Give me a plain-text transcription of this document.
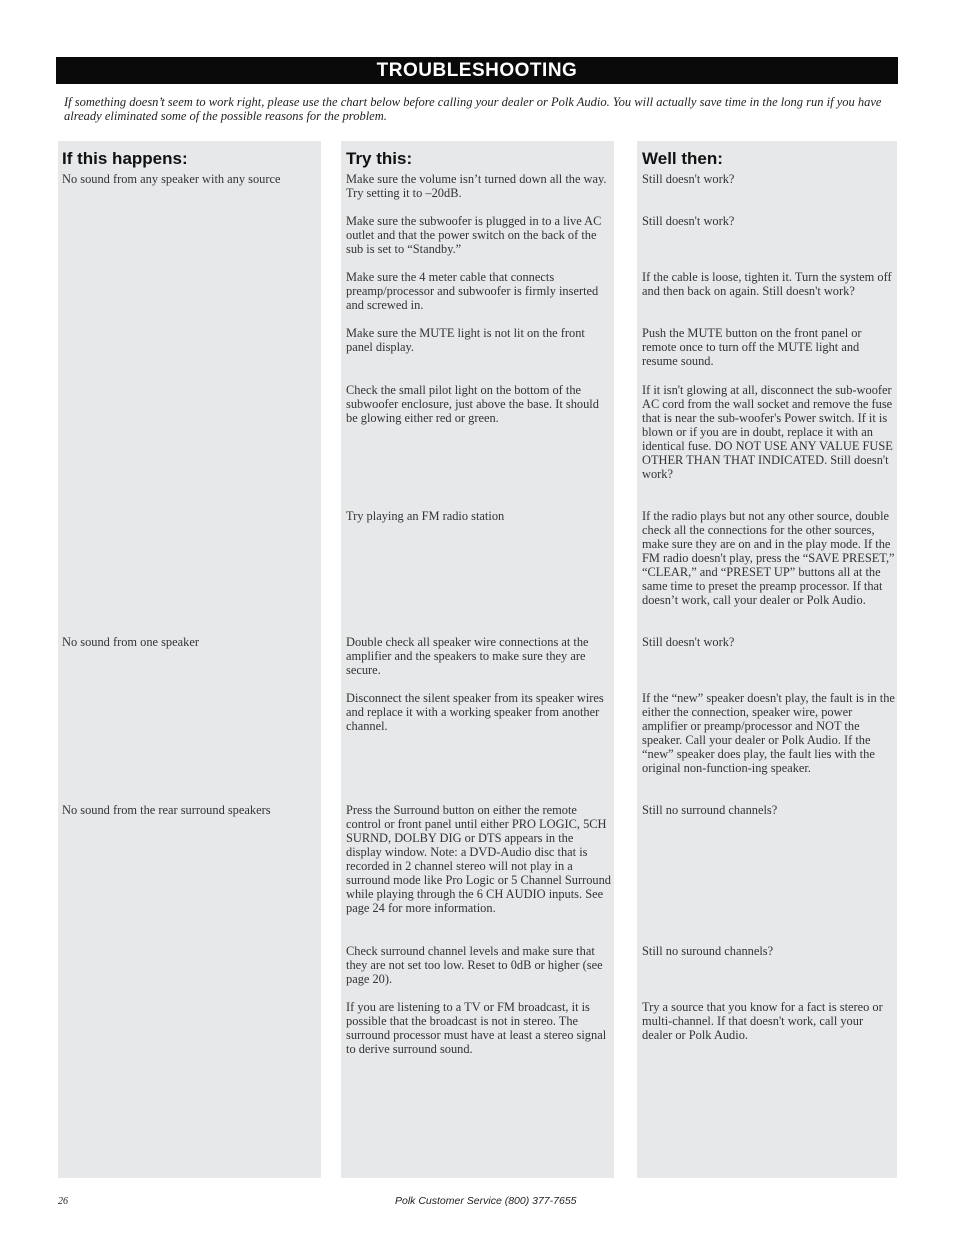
TROUBLESHOOTING
If something doesn’t seem to work right, please use the chart below before calling your dealer or Polk Audio. You will actually save time in the long run if you have already eliminated some of the possible reasons for the problem.
If this happens:
No sound from any speaker with any source
No sound from one speaker
No sound from the rear surround speakers
Try this:
Make sure the volume isn’t turned down all the way. Try setting it to –20dB.
Make sure the subwoofer is plugged in to a live AC outlet and that the power switch on the back of the sub is set to “Standby.”
Make sure the 4 meter cable that connects preamp/processor and subwoofer is firmly inserted and screwed in.
Make sure the MUTE light is not lit on the front panel display.
Check the small pilot light on the bottom of the subwoofer enclosure, just above the base. It should be glowing either red or green.
Try playing an FM radio station
Double check all speaker wire connections at the amplifier and the speakers to make sure they are secure.
Disconnect the silent speaker from its speaker wires and replace it with a working speaker from another channel.
Press the Surround button on either the remote control or front panel until either PRO LOGIC, 5CH SURND, DOLBY DIG or DTS appears in the display window. Note: a DVD-Audio disc that is recorded in 2 channel stereo will not play in a surround mode like Pro Logic or 5 Channel Surround while playing through the 6 CH AUDIO inputs. See page 24 for more information.
Check surround channel levels and make sure that they are not set too low. Reset to 0dB or higher (see page 20).
If you are listening to a TV or FM broadcast, it is possible that the broadcast is not in stereo. The surround processor must have at least a stereo signal to derive surround sound.
Well then:
Still doesn't work?
Still doesn't work?
If the cable is loose, tighten it. Turn the system off and then back on again. Still doesn't work?
Push the MUTE button on the front panel or remote once to turn off the MUTE light and resume sound.
If it isn't glowing at all, disconnect the sub-woofer AC cord from the wall socket and remove the fuse that is near the sub-woofer's Power switch. If it is blown or if you are in doubt, replace it with an identical fuse. DO NOT USE ANY VALUE FUSE OTHER THAN THAT INDICATED. Still doesn't work?
If the radio plays but not any other source, double check all the connections for the other sources, make sure they are on and in the play mode. If the FM radio doesn't play, press the “SAVE PRESET,” “CLEAR,” and “PRESET UP” buttons all at the same time to preset the preamp processor. If that doesn’t work, call your dealer or Polk Audio.
Still doesn't work?
If the “new” speaker doesn't play, the fault is in the either the connection, speaker wire, power amplifier or preamp/processor and NOT the speaker. Call your dealer or Polk Audio. If the “new” speaker does play, the fault lies with the original non-function-ing speaker.
Still no surround channels?
Still no suround channels?
Try a source that you know for a fact is stereo or multi-channel. If that doesn't work, call your dealer or Polk Audio.
26	Polk Customer Service (800) 377-7655
